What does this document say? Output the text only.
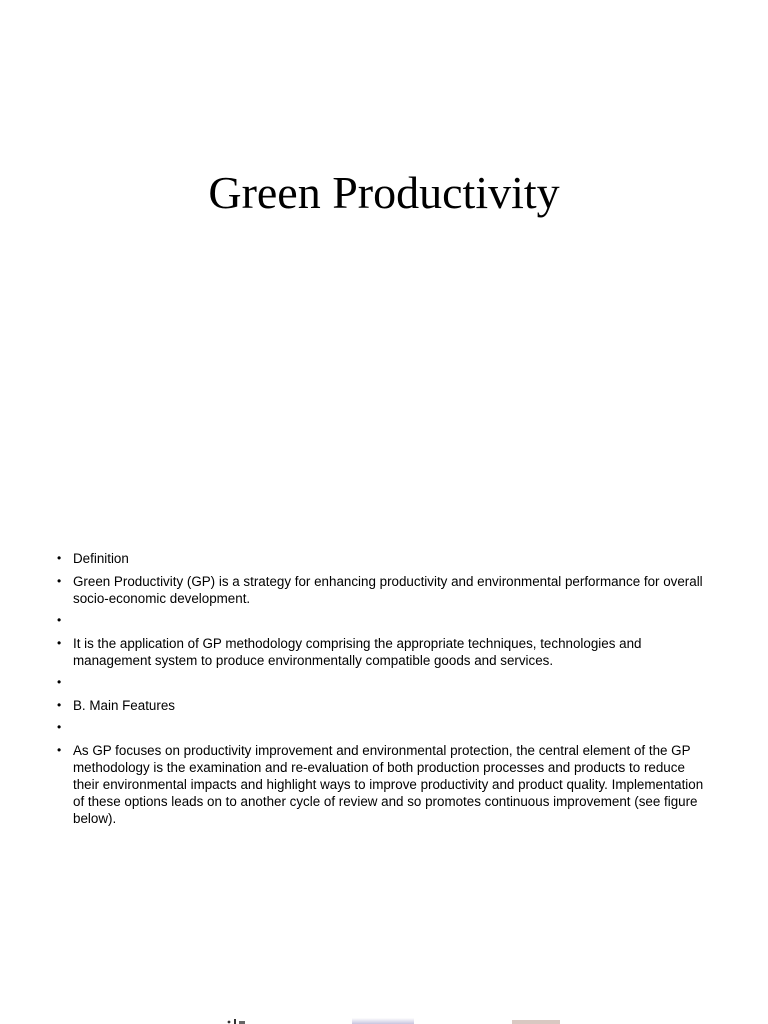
Green Productivity
• Definition
• Green Productivity (GP) is a strategy for enhancing productivity and environmental performance for overall socio-economic development.
•
• It is the application of GP methodology comprising the appropriate techniques, technologies and management system to produce environmentally compatible goods and services.
•
• B. Main Features
•
• As GP focuses on productivity improvement and environmental protection, the central element of the GP methodology is the examination and re-evaluation of both production processes and products to reduce their environmental impacts and highlight ways to improve productivity and product quality. Implementation of these options leads on to another cycle of review and so promotes continuous improvement (see figure below).
